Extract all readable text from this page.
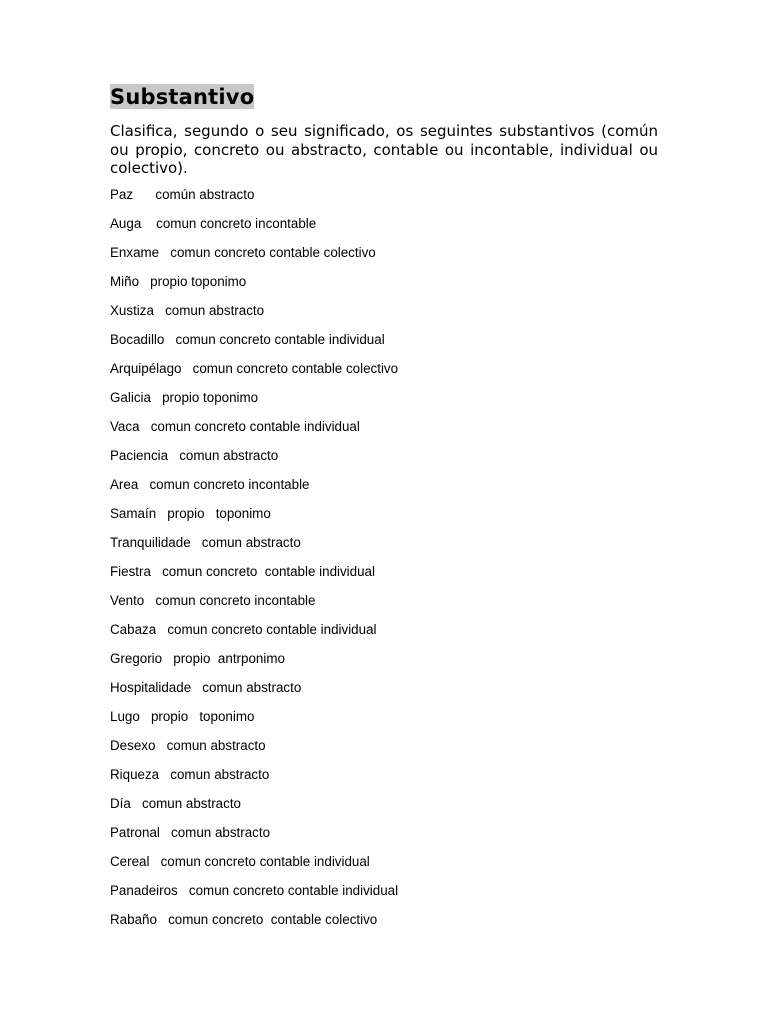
Substantivo

Clasifica, segundo o seu significado, os seguintes substantivos (común ou propio, concreto ou abstracto, contable ou incontable, individual ou colectivo).

Paz      común abstracto
Auga    comun concreto incontable
Enxame   comun concreto contable colectivo
Miño   propio toponimo
Xustiza   comun abstracto
Bocadillo   comun concreto contable individual
Arquipélago   comun concreto contable colectivo
Galicia   propio toponimo
Vaca   comun concreto contable individual
Paciencia   comun abstracto
Area   comun concreto incontable
Samaín   propio   toponimo
Tranquilidade   comun abstracto
Fiestra   comun concreto  contable individual
Vento   comun concreto incontable
Cabaza   comun concreto contable individual
Gregorio   propio  antrponimo
Hospitalidade   comun abstracto
Lugo   propio   toponimo
Desexo   comun abstracto
Riqueza   comun abstracto
Día   comun abstracto
Patronal   comun abstracto
Cereal   comun concreto contable individual
Panadeiros   comun concreto contable individual
Rabaño   comun concreto  contable colectivo
